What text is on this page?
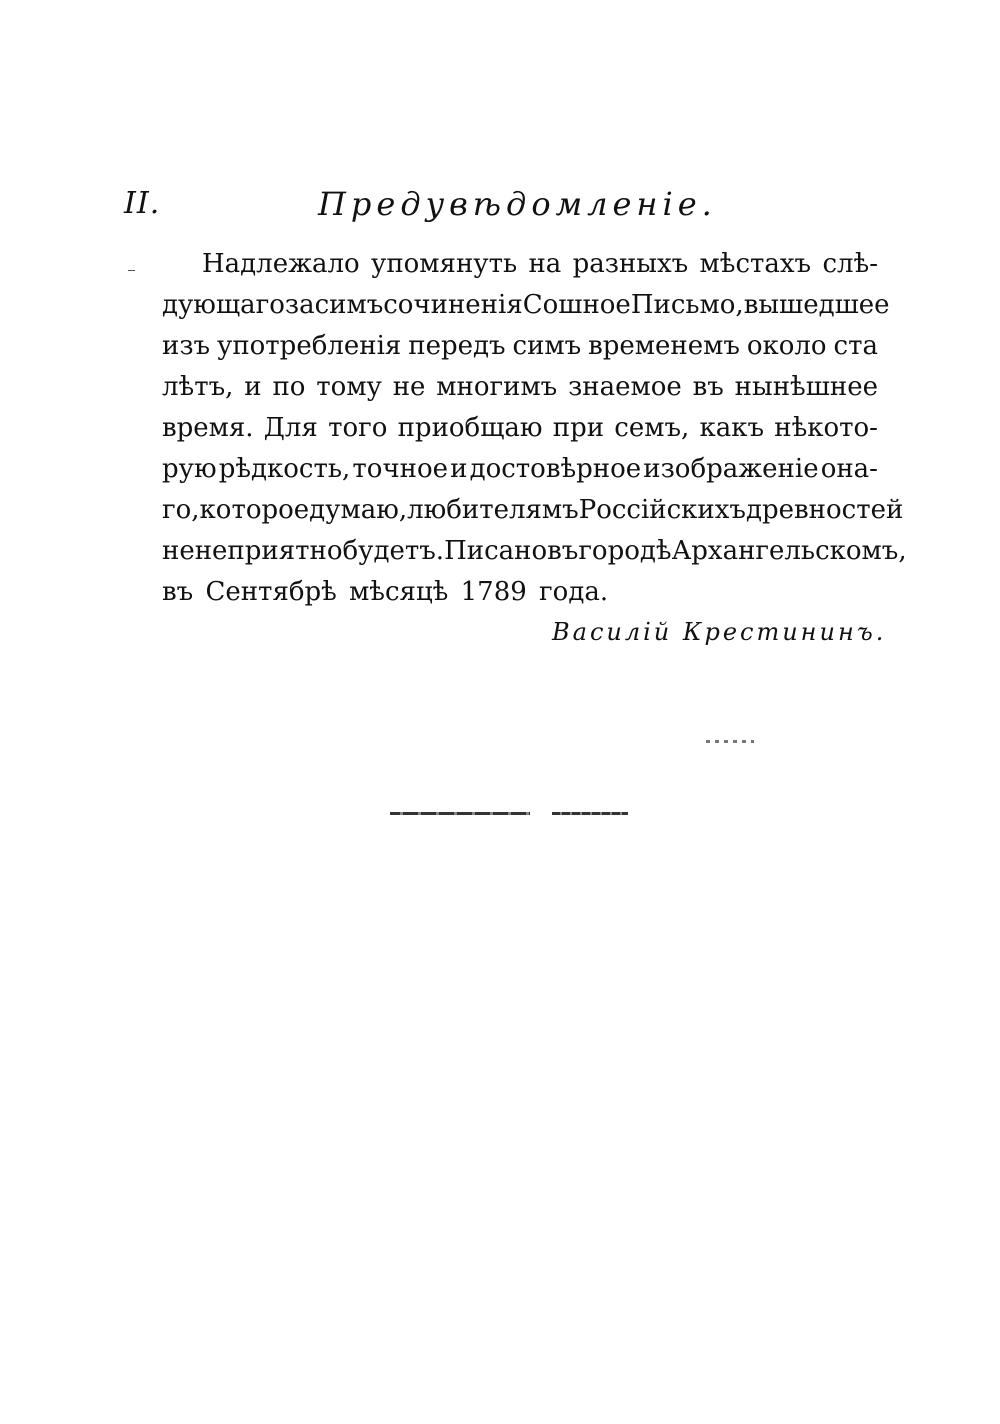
II.	Предувѣдомленіе.
Надлежало упомянуть на разныхъ мѣстахъ слѣ-
дующаго за симъ сочиненія Сошное Письмо, вышедшее
изъ употребленія передъ симъ временемъ около ста
лѣтъ, и по тому не многимъ знаемое въ нынѣшнее
время. Для того приобщаю при семъ, какъ нѣкото-
рую рѣдкость, точное и достовѣрное изображеніе она-
го, которое думаю, любителямъ Россійскихъ древностей
не неприятно будетъ. Писано въ городѣ Архангельскомъ,
въ Сентябрѣ мѣсяцѣ 1789 года.
Василій Крестининъ.
